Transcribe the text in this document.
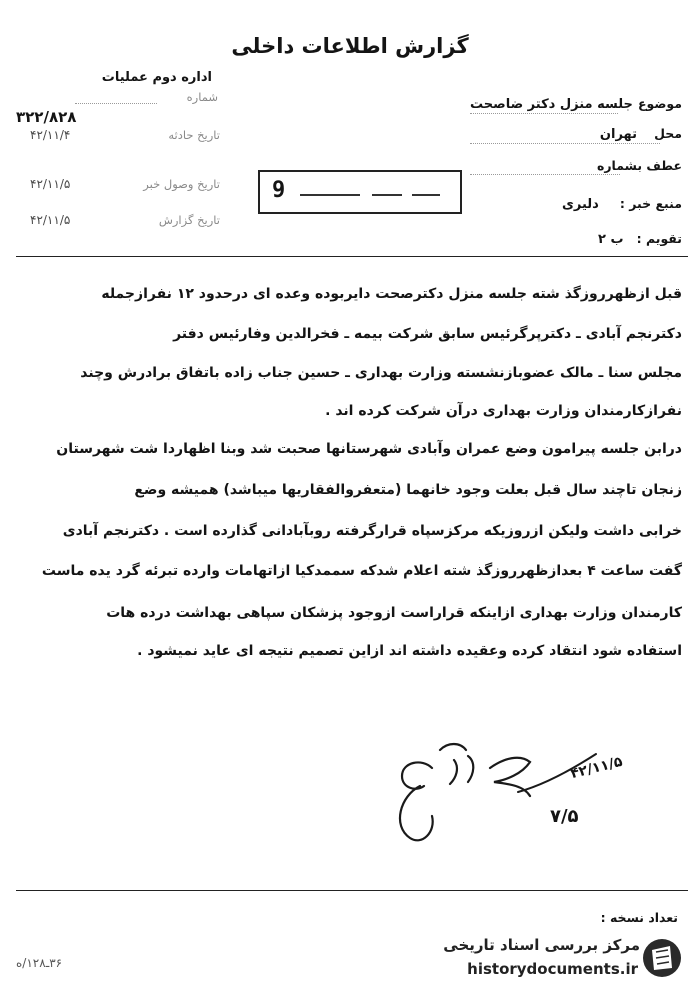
گزارش اطلاعات داخلی
اداره دوم عملیات
شماره
۳۲۲/۸۲۸
تاریخ حادثه
۴۲/۱۱/۴
تاریخ وصول خبر
۴۲/۱۱/۵
تاریخ گزارش
۴۲/۱۱/۵
9
موضوع جلسه منزل دکتر ضاصحت
محل تهران
عطف بشماره
منبع خبر : دلیری
تقویم : ب ۲
قبل ازظهرروزگذ شته جلسه منزل دکترصحت دایربوده وعده ای درحدود ۱۲ نفرازجمله
دکترنجم آبادی ـ دکترپرگرئیس سابق شرکت بیمه ـ فخرالدین وفارئیس دفتر
مجلس سنا ـ مالک عضوبازنشسته وزارت بهداری ـ حسین جناب زاده باتفاق برادرش وچند
نفرازکارمندان وزارت بهداری درآن شرکت کرده اند .
درابن جلسه پیرامون وضع عمران وآبادی شهرستانها صحبت شد وبنا اظهاردا شت شهرستان
زنجان تاچند سال قبل بعلت وجود خانهما (متعفروالفقاریها میباشد) همیشه وضع
خرابی داشت ولیکن ازروزیکه مرکزسپاه قرارگرفته روبآبادانی گذارده است . دکترنجم آبادی
گفت ساعت ۴ بعدازظهرروزگذ شته اعلام شدکه سممدکیا ازاتهامات وارده تبرئه گرد یده ماست
کارمندان وزارت بهداری ازاینکه قراراست ازوجود پزشکان سپاهی بهداشت درده هات
استفاده شود انتقاد کرده وعقیده داشته اند ازاین تصمیم نتیجه ای عاید نمیشود .
۴۲/۱۱/۵
۷/۵
تعداد نسخه :
۳۶ـ۱۲۸/ه
مرکز بررسی اسناد تاریخی
historydocuments.ir
